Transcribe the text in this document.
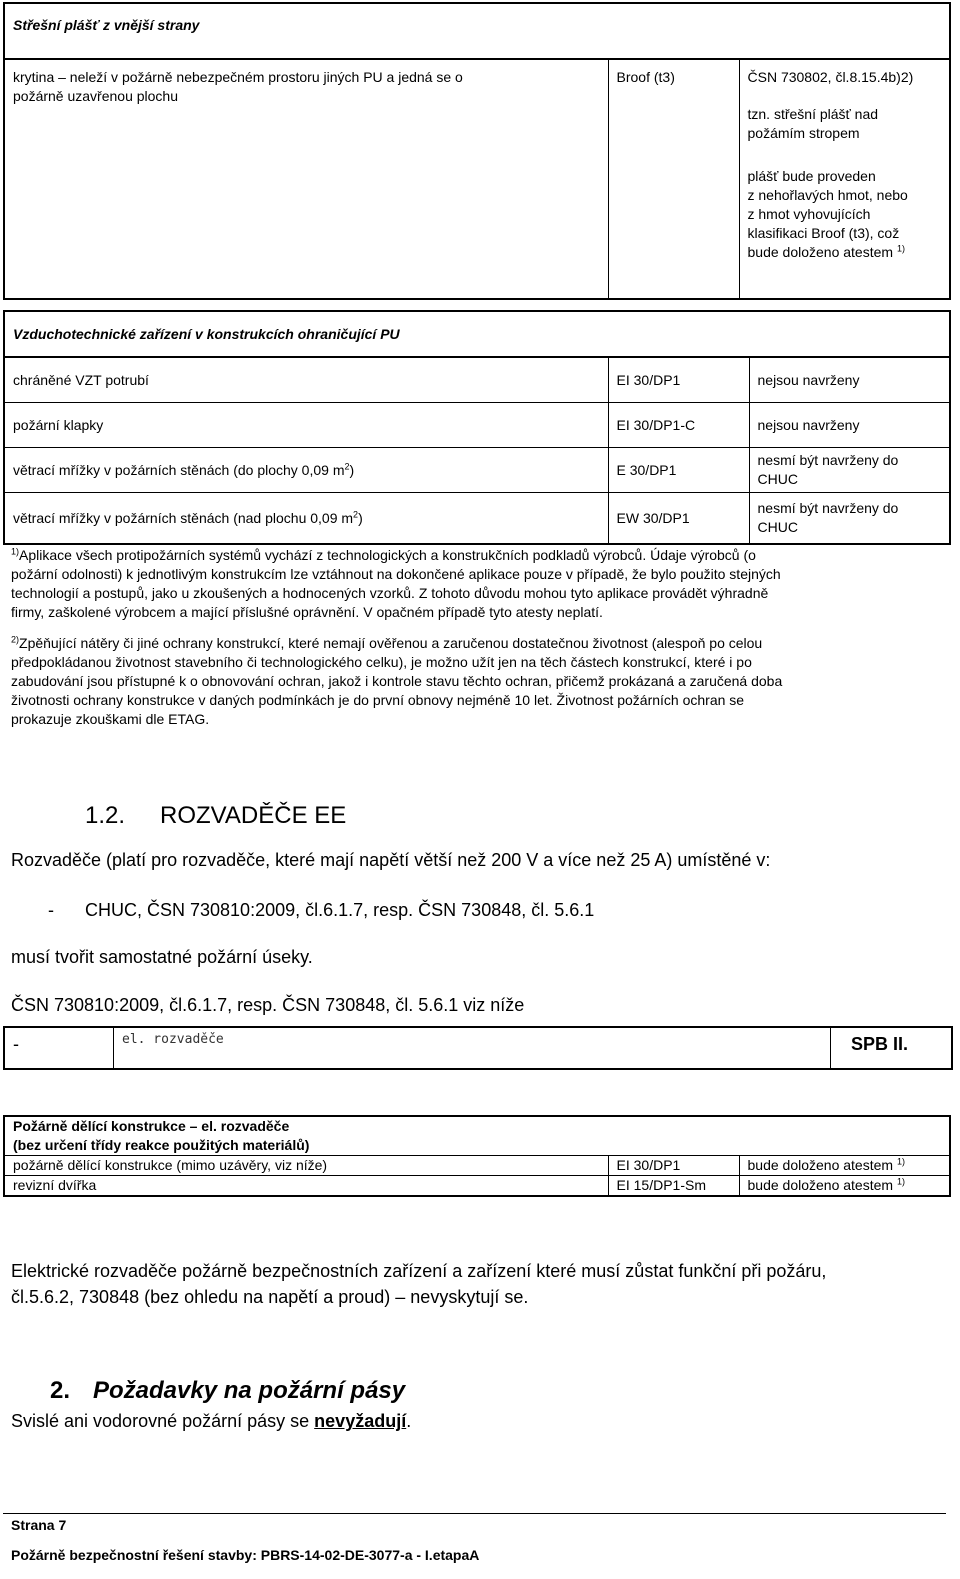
Střešní plášť z vnější strany

krytina – neleží v požárně nebezpečném prostoru jiných PU a jedná se o
požárně uzavřenou plochu
	Broof (t3)	ČSN 730802, čl.8.15.4b)2)
tzn. střešní plášť nad
požámím stropem
plášť bude proveden
z nehořlavých hmot, nebo
z hmot vyhovujících
klasifikaci Broof (t3), což
bude doloženo atestem $^{1)}$
Vzduchotechnické zařízení v konstrukcích ohraničující PU		
chráněné VZT potrubí	EI 30/DP1	nejsou navrženy
požární klapky	EI 30/DP1-C	nejsou navrženy
větrací mřížky v požárních stěnách (do plochy 0,09 $m^2$)	E 30/DP1	nesmí být navrženy do
CHUC

větrací mřížky v požárních stěnách (nad plochu 0,09 $m^2$)	EW 30/DP1	nesmí být navrženy do
CHUC
$^{1)}$Aplikace všech protipožárních systémů vychází z technologických a konstrukčních podkladů výrobců. Údaje výrobců (o
požární odolnosti) k jednotlivým konstrukcím lze vztáhnout na dokončené aplikace pouze v případě, že bylo použito stejných
technologií a postupů, jako u zkoušených a hodnocených vzorků. Z tohoto důvodu mohou tyto aplikace provádět výhradně
firmy, zaškolené výrobcem a mající příslušné oprávnění. V opačném případě tyto atesty neplatí.
$^{2)}$Zpěňující nátěry či jiné ochrany konstrukcí, které nemají ověřenou a zaručenou dostatečnou životnost (alespoň po celou
předpokládanou životnost stavebního či technologického celku), je možno užít jen na těch částech konstrukcí, které i po
zabudování jsou přístupné k o obnovování ochran, jakož i kontrole stavu těchto ochran, přičemž prokázaná a zaručená doba
životnosti ochrany konstrukce v daných podmínkách je do první obnovy nejméně 10 let. Životnost požárních ochran se
prokazuje zkouškami dle ETAG.
1.2. ROZVADĚČE EE
Rozvaděče (platí pro rozvaděče, které mají napětí větší než 200 V a více než 25 A) umístěné v:
- CHUC, ČSN 730810:2009, čl.6.1.7, resp. ČSN 730848, čl. 5.6.1
musí tvořit samostatné požární úseky.
ČSN 730810:2009, čl.6.1.7, resp. ČSN 730848, čl. 5.6.1 viz níže
-	el. rozvaděče	SPB II.
Požárně dělící konstrukce – el. rozvaděče
(bez určení třídy reakce použitých materiálů)		

požárně dělící konstrukce (mimo uzávěry, viz níže)	EI 30/DP1	bude doloženo atestem $^{1)}$
revizní dvířka	EI 15/DP1-Sm	bude doloženo atestem $^{1)}$
Elektrické rozvaděče požárně bezpečnostních zařízení a zařízení které musí zůstat funkční při požáru,
čl.5.6.2, 730848 (bez ohledu na napětí a proud) – nevyskytují se.
2. Požadavky na požární pásy
Svislé ani vodorovné požární pásy se nevyžadují.
Strana 7
Požárně bezpečnostní řešení stavby: PBRS-14-02-DE-3077-a - I.etapaA
